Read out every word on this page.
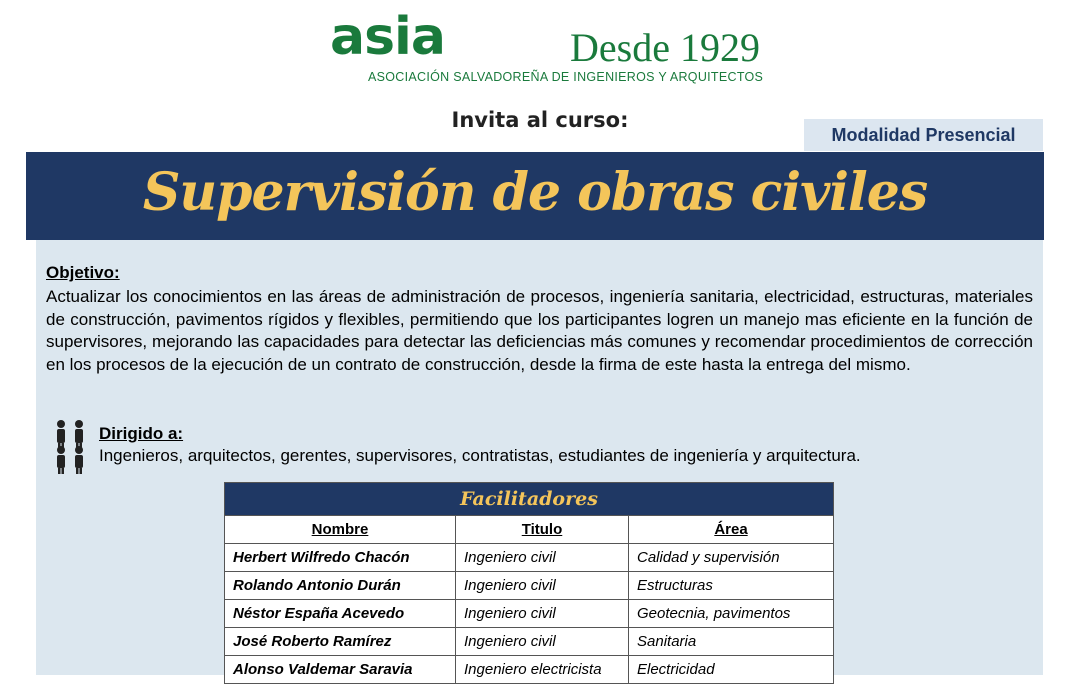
asia	Desde 1929
ASOCIACIÓN SALVADOREÑA DE INGENIEROS Y ARQUITECTOS
Invita al curso:
Modalidad Presencial
Supervisión de obras civiles
Objetivo:
Actualizar los conocimientos en las áreas de administración de procesos, ingeniería sanitaria, electricidad, estructuras, materiales de construcción, pavimentos rígidos y flexibles, permitiendo que los participantes logren un manejo mas eficiente en la función de supervisores, mejorando las capacidades para detectar las deficiencias más comunes y recomendar procedimientos de corrección en los procesos de la ejecución de un contrato de construcción, desde la firma de este hasta la entrega del mismo.
Dirigido a:
Ingenieros, arquitectos, gerentes, supervisores, contratistas, estudiantes de ingeniería y arquitectura.
Facilitadores		
Nombre	Titulo	Área
Herbert Wilfredo Chacón	Ingeniero civil	Calidad y supervisión
Rolando Antonio Durán	Ingeniero civil	Estructuras
Néstor España Acevedo	Ingeniero civil	Geotecnia, pavimentos
José Roberto Ramírez	Ingeniero civil	Sanitaria
Alonso Valdemar Saravia	Ingeniero electricista	Electricidad
